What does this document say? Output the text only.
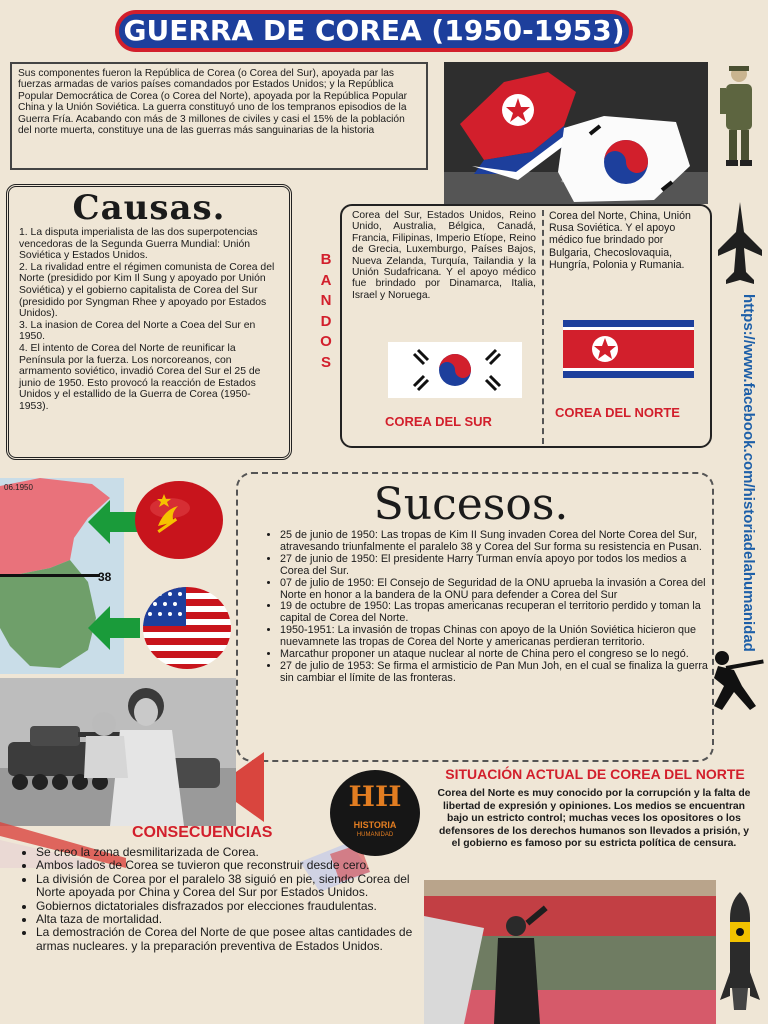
GUERRA DE COREA (1950-1953)
Sus componentes fueron la República de Corea (o Corea del Sur), apoyada par las fuerzas armadas de varios países comandados por Estados Unidos; y la República Popular Democrática de Corea (o Corea del Norte), apoyada por la República Popular China y la Unión Soviética. La guerra constituyó uno de los tempranos episodios de la Guerra Fría. Acabando con más de 3 millones de civiles y casi el 15% de la población del norte muerta, constituye una de las guerras más sanguinarias de la historia
Causas.
1. La disputa imperialista de las dos superpotencias vencedoras de la Segunda Guerra Mundial: Unión Soviética y Estados Unidos.
2. La rivalidad entre el régimen comunista de Corea del Norte (presidido por Kim Il Sung y apoyado por Unión Soviética) y el gobierno capitalista de Corea del Sur (presidido por Syngman Rhee y apoyado por Estados Unidos).
3. La inasion de Corea del Norte a Coea del Sur en 1950.
4. El intento de Corea del Norte de reunificar la Península por la fuerza. Los norcoreanos, con armamento soviético, invadió Corea del Sur el 25 de junio de 1950. Esto provocó la reacción de Estados Unidos y el estallido de la Guerra de Corea (1950-1953).
B
A
N
D
O
S
Corea del Sur, Estados Unidos, Reino Unido, Australia, Bélgica, Canadá, Francia, Filipinas, Imperio Etíope, Reino de Grecia, Luxemburgo, Países Bajos, Nueva Zelanda, Turquía, Tailandia y la Unión Sudafricana. Y el apoyo médico fue brindado por Dinamarca, Italia, Israel y Noruega.
Corea del Norte, China, Unión Rusa Soviética. Y el apoyo médico fue brindado por Bulgaria, Checoslovaquia, Hungría, Polonia y Rumania.
COREA DEL SUR
COREA DEL NORTE	https://www.facebook.com/historiadelahumanidad
06.1950
38
Sucesos.
• 25 de junio de 1950: Las tropas de Kim II Sung invaden Corea del Norte Corea del Sur, atravesando triunfalmente el paralelo 38 y Corea del Sur forma su resistencia en Pusan.
• 27 de junio de 1950: El presidente Harry Turman envía apoyo por todos los medios a Corea del Sur.
• 07 de julio de 1950: El Consejo de Seguridad de la ONU aprueba la invasión a Corea del Norte en honor a la bandera de la ONU para defender a Corea del Sur
• 19 de octubre de 1950: Las tropas americanas recuperan el territorio perdido y toman la capital de Corea del Norte.
• 1950-1951: La invasión de tropas Chinas con apoyo de la Unión Soviética hicieron que nuevamnete las tropas de Corea del Norte y americanas perdieran territorio.
• Marcathur proponer un ataque nuclear al norte de China pero el congreso se lo negó.
• 27 de julio de 1953: Se firma el armisticio de Pan Mun Joh, en el cual se finaliza la guerra sin cambiar el límite de las fronteras.
HH
HISTORIA
HUMANIDAD
CONSECUENCIAS
• Se creo la zona desmilitarizada de Corea.
• Ambos lados de Corea se tuvieron que reconstruir desde cero.
• La división de Corea por el paralelo 38 siguió en pie, siendo Corea del Norte apoyada por China y Corea del Sur por Estados Unidos.
• Gobiernos dictatoriales disfrazados por elecciones fraudulentas.
• Alta taza de mortalidad.
• La demostración de Corea del Norte de que posee altas cantidades de armas nucleares. y la preparación preventiva de Estados Unidos.
SITUACIÓN ACTUAL DE COREA DEL NORTE
Corea del Norte es muy conocido por la corrupción y la falta de libertad de expresión y opiniones. Los medios se encuentran bajo un estricto control; muchas veces los opositores o los defensores de los derechos humanos son llevados a prisión, y el gobierno es famoso por su estricta política de censura.
